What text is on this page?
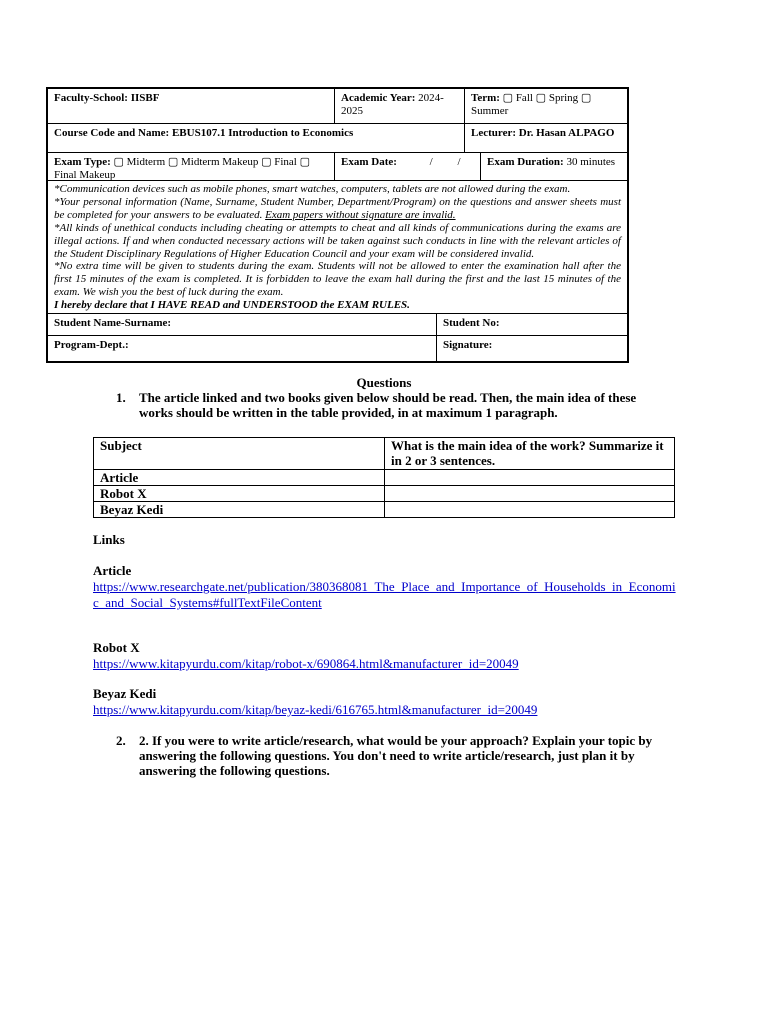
Faculty-School: IISBF	Academic Year: 2024-2025
Term: ▢ Fall ▢ Spring ▢ Summer
Course Code and Name: EBUS107.1 Introduction to Economics	Lecturer: Dr. Hasan ALPAGO
Exam Type: ▢ Midterm ▢ Midterm Makeup ▢ Final ▢ Final Makeup
Exam Date:	/ /	Exam Duration: 30 minutes

*Communication devices such as mobile phones, smart watches, computers, tablets are not allowed during the exam.

*Your personal information (Name, Surname, Student Number, Department/Program) on the questions and answer sheets must be completed for your answers to be evaluated. Exam papers without signature are invalid.

*All kinds of unethical conducts including cheating or attempts to cheat and all kinds of communications during the exams are illegal actions. If and when conducted necessary actions will be taken against such conducts in line with the relevant articles of the Student Disciplinary Regulations of Higher Education Council and your exam will be considered invalid.

*No extra time will be given to students during the exam. Students will not be allowed to enter the examination hall after the first 15 minutes of the exam is completed. It is forbidden to leave the exam hall during the first and the last 15 minutes of the exam. We wish you the best of luck during the exam.

I hereby declare that I HAVE READ and UNDERSTOOD the EXAM RULES.

Student Name-Surname:	Student No:
Program-Dept.:	Signature:
Questions
1. The article linked and two books given below should be read. Then, the main idea of these works should be written in the table provided, in at maximum 1 paragraph.
Subject	What is the main idea of the work? Summarize it in 2 or 3 sentences.
Article	
Robot X	
Beyaz Kedi	
Links
Article
https://www.researchgate.net/publication/380368081_The_Place_and_Importance_of_Households_in_Economic_and_Social_Systems#fullTextFileContent
Robot X
https://www.kitapyurdu.com/kitap/robot-x/690864.html&manufacturer_id=20049
Beyaz Kedi
https://www.kitapyurdu.com/kitap/beyaz-kedi/616765.html&manufacturer_id=20049
2. 2. If you were to write article/research, what would be your approach? Explain your topic by answering the following questions. You don't need to write article/research, just plan it by answering the following questions.
